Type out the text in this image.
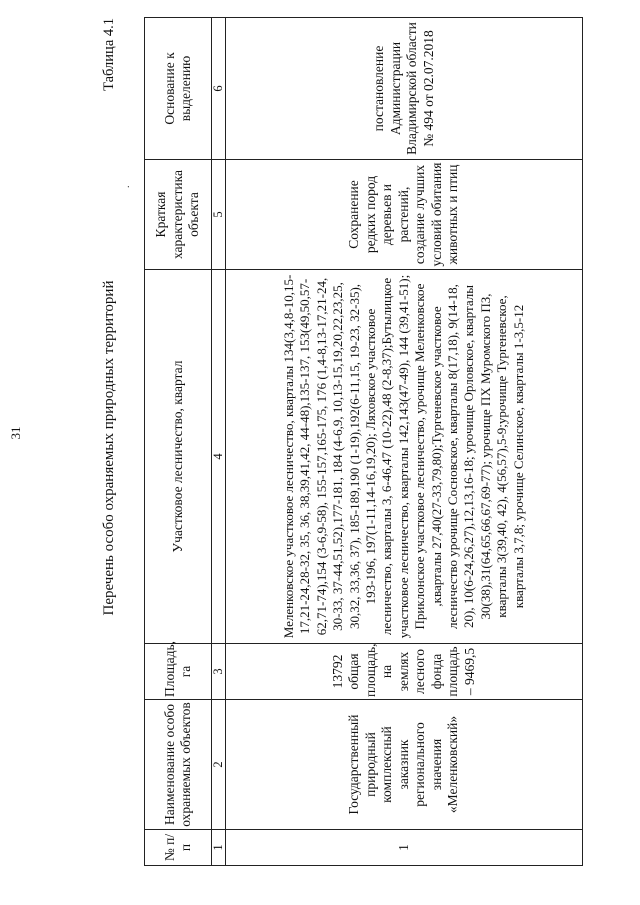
31
Таблица 4.1
Перечень особо охраняемых природных территорий
.
№ п/п	Наименование особо охраняемых объектов	Площадь, га	Участковое лесничество, квартал	Краткая характеристика объекта	Основание к выделению
1	2	3	4	5	6
1	Государственный природный комплексный заказник регионального значения «Меленковский»	13792 общая площадь, на землях лесного фонда площадь – 9469,5	Меленковское участковое лесничество, кварталы 134(3,4,8-10,15-17,21-24,28-32, 35, 36, 38,39,41,42, 44-48),135-137, 153(49,50,57-62,71-74),154 (3-6,9-58), 155-157,165-175, 176 (1,4-8,13-17,21-24, 30-33, 37-44,51,52),177-181, 184 (4-6,9, 10,13-15,19,20,22,23,25, 30,32, 33,36, 37), 185-189,190 (1-19),192(6-11,15, 19-23, 32-35), 193-196, 197(1-11,14-16,19,20); Ляховское участковое лесничество, кварталы 3, 6-46,47 (10-22),48 (2-8,37);Бутылицкое участковое лесничество, кварталы 142,143(47-49), 144 (39,41-51); Приклонское участковое лесничество, урочище Меленковское ,кварталы 27,40(27-33,79,80);Тургеневское участковое лесничество урочище Сосновское, кварталы 8(17,18), 9(14-18, 20), 10(6-24,26,27),12,13,16-18; урочище Орловское, кварталы 30(38),31(64,65,66,67,69-77); урочище ПХ Муромского ПЗ, кварталы 3(39,40, 42), 4(56,57),5-9;урочище Тургеневское, кварталы 3,7,8; урочище Селинское, кварталы 1-3,5-12	Сохранение редких пород деревьев и растений, создание лучших условий обитания животных и птиц	постановление Администрации Владимирской области № 494 от 02.07.2018
